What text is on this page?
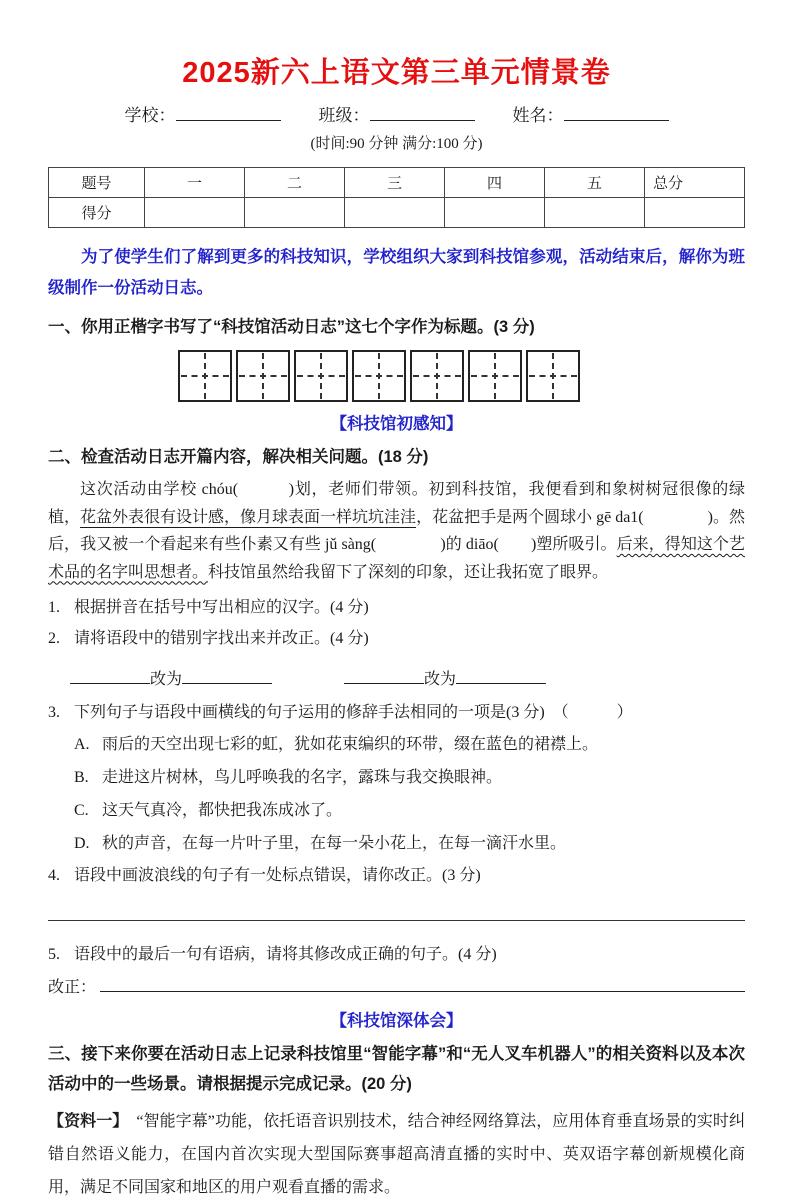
2025新六上语文第三单元情景卷
学校：	班级：	姓名：
(时间:90 分钟 满分:100 分)
题号	一	二	三	四	五	总分
得分						

为了使学生们了解到更多的科技知识，学校组织大家到科技馆参观，活动结束后，解你为班级制作一份活动日志。

一、你用正楷字书写了“科技馆活动日志”这七个字作为标题。(3 分)
【科技馆初感知】
二、检查活动日志开篇内容，解决相关问题。(18 分)

这次活动由学校 chóu(　　　)划，老师们带领。初到科技馆，我便看到和象树树冠很像的绿植，花盆外表很有设计感，像月球表面一样坑坑洼洼，花盆把手是两个圆球小 gē da1(　　　　)。然后，我又被一个看起来有些仆素又有些 jǔ sàng(　　　　)的 diāo(　　)塑所吸引。后来，得知这个艺术品的名字叫思想者。科技馆虽然给我留下了深刻的印象，还让我拓宽了眼界。

1. 根据拼音在括号中写出相应的汉字。(4 分)
2. 请将语段中的错别字找出来并改正。(4 分)
改为	改为
3. 下列句子与语段中画横线的句子运用的修辞手法相同的一项是(3 分)　（　　　）
A. 雨后的天空出现七彩的虹，犹如花束编织的环带，缀在蓝色的裙襟上。
B. 走进这片树林，鸟儿呼唤我的名字，露珠与我交换眼神。
C. 这天气真冷，都快把我冻成冰了。
D. 秋的声音，在每一片叶子里，在每一朵小花上，在每一滴汗水里。
4. 语段中画波浪线的句子有一处标点错误，请你改正。(3 分)
5. 语段中的最后一句有语病，请将其修改成正确的句子。(4 分)
改正：
【科技馆深体会】
三、接下来你要在活动日志上记录科技馆里“智能字幕”和“无人叉车机器人”的相关资料以及本次活动中的一些场景。请根据提示完成记录。(20 分)

【资料一】　“智能字幕”功能，依托语音识别技术，结合神经网络算法，应用体育垂直场景的实时纠错自然语义能力，在国内首次实现大型国际赛事超高清直播的实时中、英双语字幕创新规模化商用，满足不同国家和地区的用户观看直播的需求。
